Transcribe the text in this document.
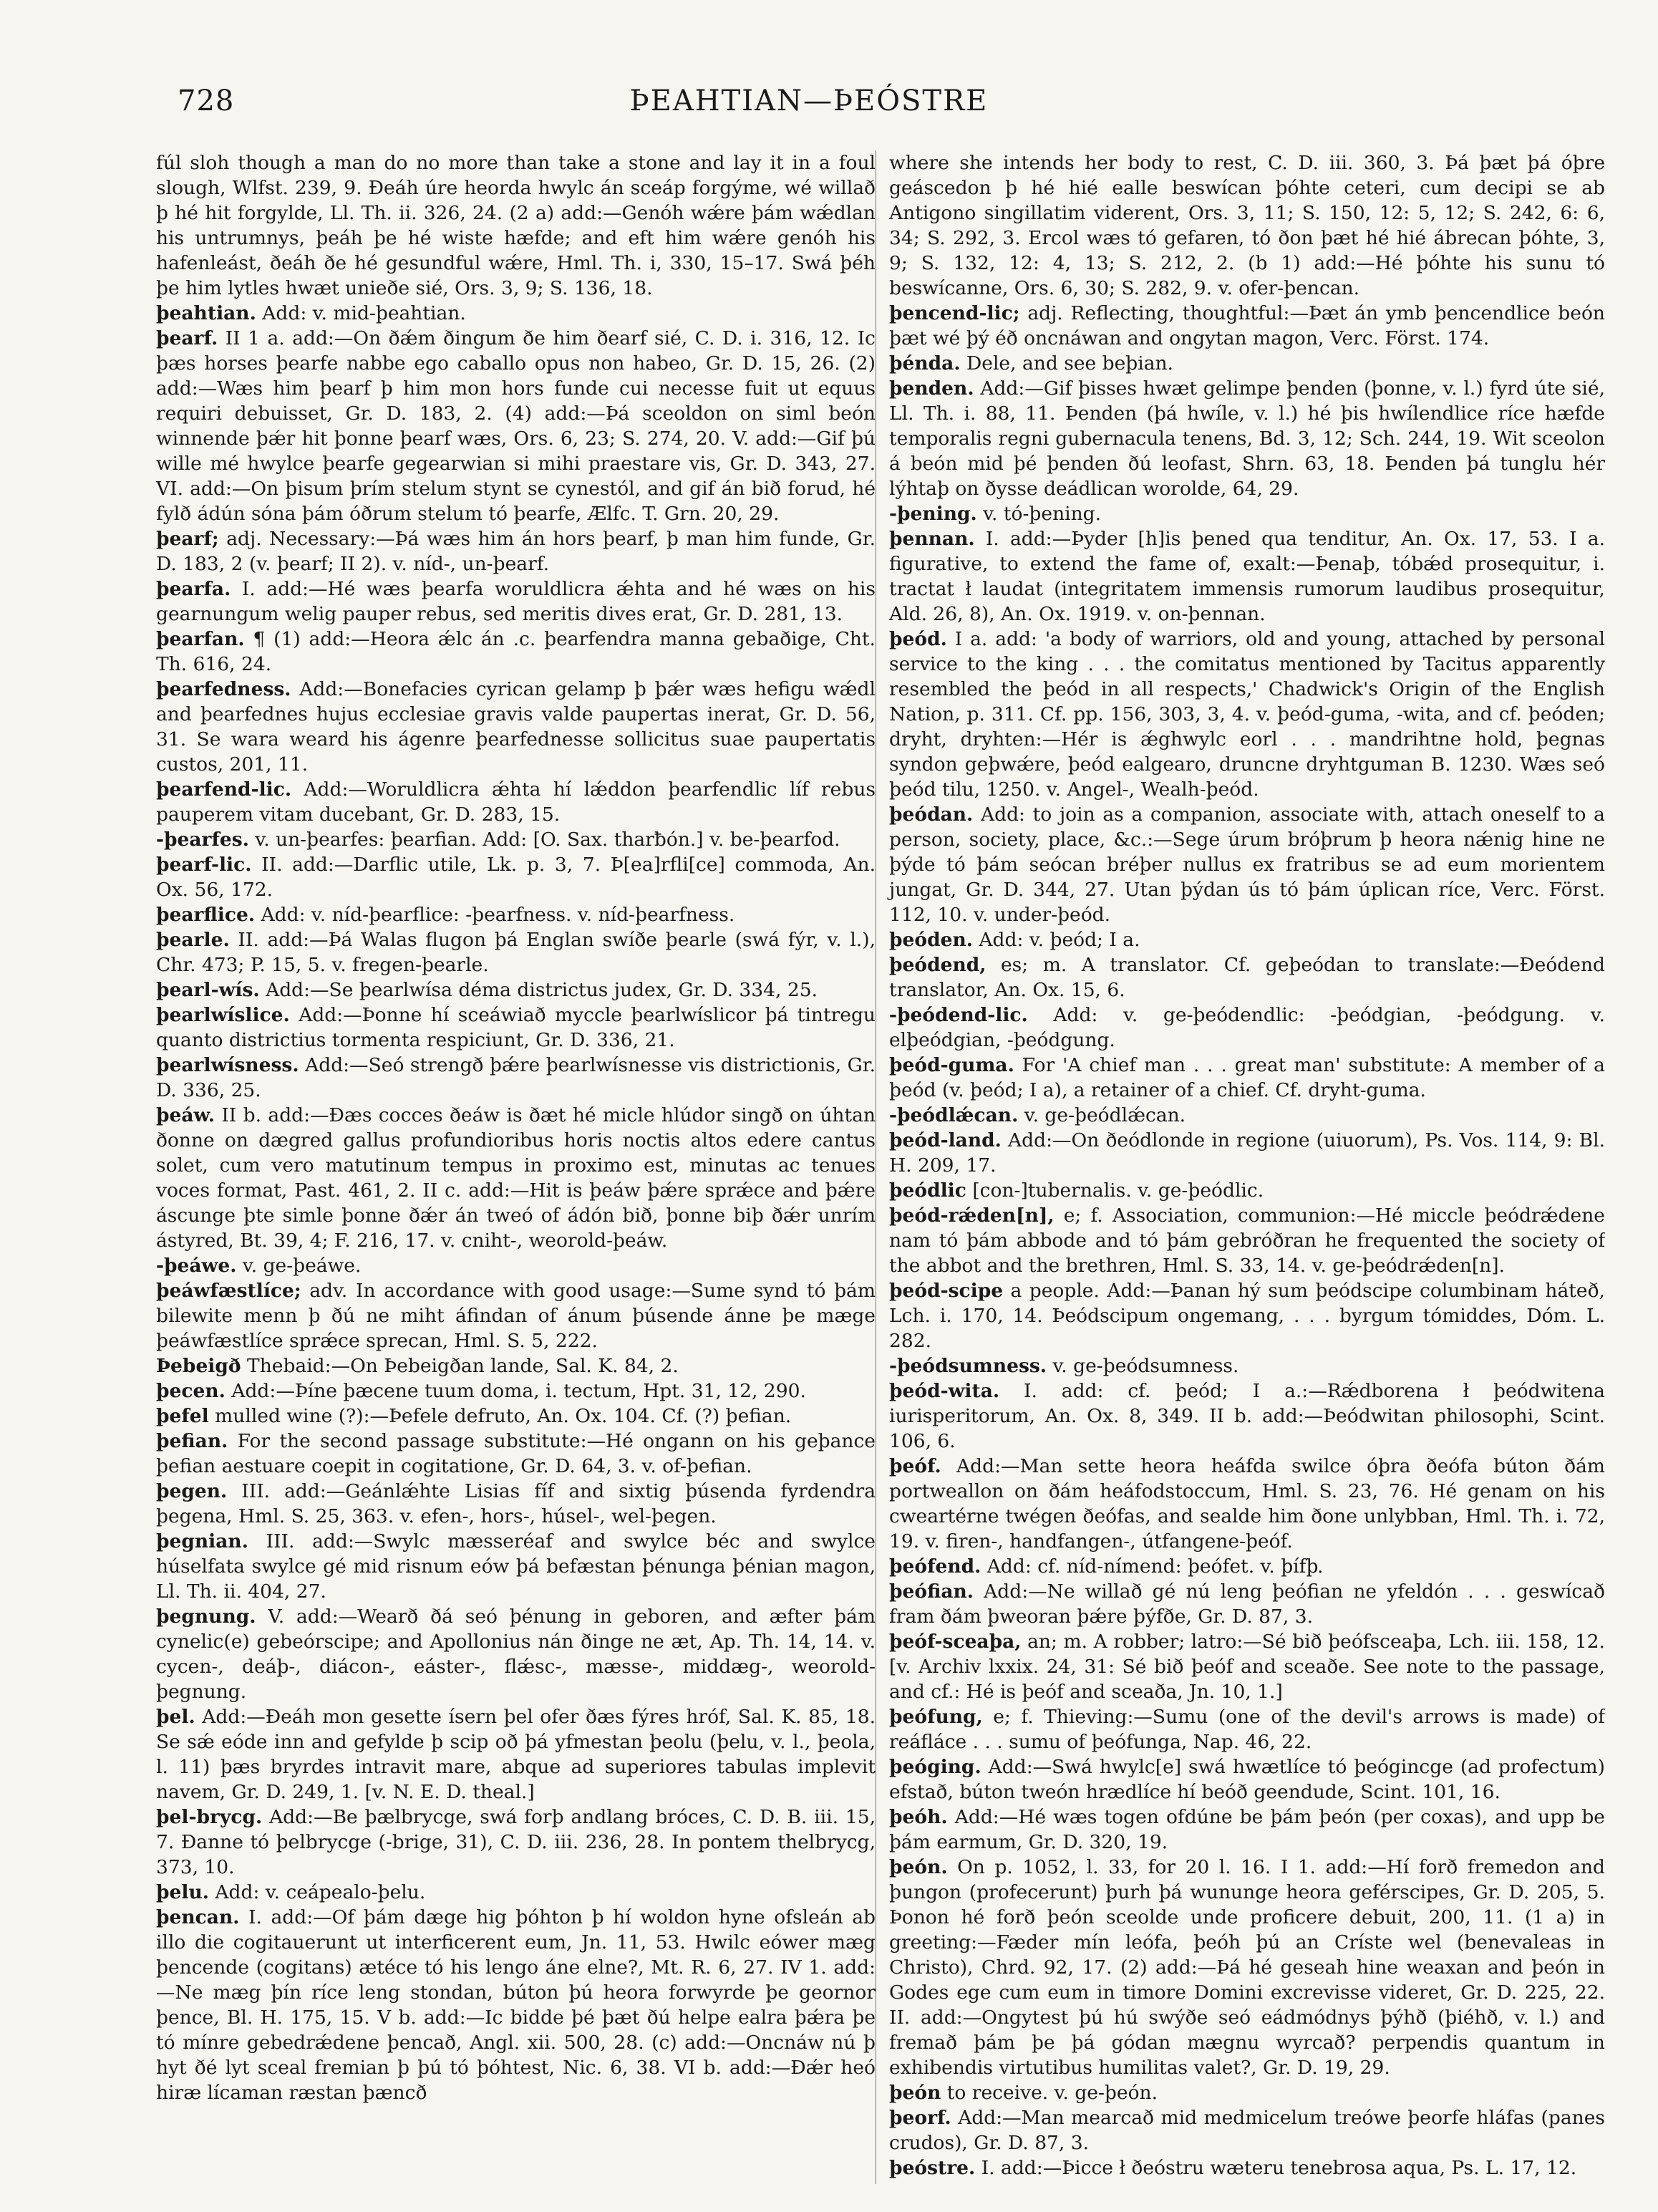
728	ÞEAHTIAN—ÞEÓSTRE

fúl sloh though a man do no more than take a stone and lay it in a foul slough, Wlfst. 239, 9. Ðeáh úre heorda hwylc án sceáp forgýme, wé willað þ hé hit forgylde, Ll. Th. ii. 326, 24. (2 a) add:—Genóh wǽre þám wǽdlan his untrumnys, þeáh þe hé wiste hæfde; and eft him wǽre genóh his hafenleást, ðeáh ðe hé gesundful wǽre, Hml. Th. i, 330, 15–17. Swá þéh þe him lytles hwæt unieðe sié, Ors. 3, 9; S. 136, 18.

þeahtian. Add: v. mid-þeahtian.

þearf. II 1 a. add:—On ðǽm ðingum ðe him ðearf sié, C. D. i. 316, 12. Ic þæs horses þearfe nabbe ego caballo opus non habeo, Gr. D. 15, 26. (2) add:—Wæs him þearf þ him mon hors funde cui necesse fuit ut equus requiri debuisset, Gr. D. 183, 2. (4) add:—Þá sceoldon on siml beón winnende þǽr hit þonne þearf wæs, Ors. 6, 23; S. 274, 20. V. add:—Gif þú wille mé hwylce þearfe gegearwian si mihi praestare vis, Gr. D. 343, 27. VI. add:—On þisum þrím stelum stynt se cynestól, and gif án bið forud, hé fylð ádún sóna þám óðrum stelum tó þearfe, Ælfc. T. Grn. 20, 29.

þearf; adj. Necessary:—Þá wæs him án hors þearf, þ man him funde, Gr. D. 183, 2 (v. þearf; II 2). v. níd-, un-þearf.

þearfa. I. add:—Hé wæs þearfa woruldlicra ǽhta and hé wæs on his gearnungum welig pauper rebus, sed meritis dives erat, Gr. D. 281, 13.

þearfan. ¶ (1) add:—Heora ǽlc án .c. þearfendra manna gebaðige, Cht. Th. 616, 24.

þearfedness. Add:—Bonefacies cyrican gelamp þ þǽr wæs hefigu wǽdl and þearfednes hujus ecclesiae gravis valde paupertas inerat, Gr. D. 56, 31. Se wara weard his ágenre þearfednesse sollicitus suae paupertatis custos, 201, 11.

þearfend-lic. Add:—Woruldlicra ǽhta hí lǽddon þearfendlic líf rebus pauperem vitam ducebant, Gr. D. 283, 15.

-þearfes. v. un-þearfes: þearfian. Add: [O. Sax. tharƀón.] v. be-þearfod.

þearf-lic. II. add:—Darflic utile, Lk. p. 3, 7. Þ[ea]rfli[ce] commoda, An. Ox. 56, 172.

þearflice. Add: v. níd-þearflice: -þearfness. v. níd-þearfness.

þearle. II. add:—Þá Walas flugon þá Englan swíðe þearle (swá fýr, v. l.), Chr. 473; P. 15, 5. v. fregen-þearle.

þearl-wís. Add:—Se þearlwísa déma districtus judex, Gr. D. 334, 25.

þearlwíslice. Add:—Þonne hí sceáwiað myccle þearlwíslicor þá tintregu quanto districtius tormenta respiciunt, Gr. D. 336, 21.

þearlwísness. Add:—Seó strengð þǽre þearlwísnesse vis districtionis, Gr. D. 336, 25.

þeáw. II b. add:—Ðæs cocces ðeáw is ðæt hé micle hlúdor singð on úhtan ðonne on dægred gallus profundioribus horis noctis altos edere cantus solet, cum vero matutinum tempus in proximo est, minutas ac tenues voces format, Past. 461, 2. II c. add:—Hit is þeáw þǽre sprǽce and þǽre áscunge þte simle þonne ðǽr án tweó of ádón bið, þonne biþ ðǽr unrím ástyred, Bt. 39, 4; F. 216, 17. v. cniht-, weorold-þeáw.

-þeáwe. v. ge-þeáwe.

þeáwfæstlíce; adv. In accordance with good usage:—Sume synd tó þám bilewite menn þ ðú ne miht áfindan of ánum þúsende ánne þe mæge þeáwfæstlíce sprǽce sprecan, Hml. S. 5, 222.

Þebeigð Thebaid:—On Þebeigðan lande, Sal. K. 84, 2.

þecen. Add:—Þíne þæcene tuum doma, i. tectum, Hpt. 31, 12, 290.

þefel mulled wine (?):—Þefele defruto, An. Ox. 104. Cf. (?) þefian.

þefian. For the second passage substitute:—Hé ongann on his geþance þefian aestuare coepit in cogitatione, Gr. D. 64, 3. v. of-þefian.

þegen. III. add:—Geánlǽhte Lisias fíf and sixtig þúsenda fyrdendra þegena, Hml. S. 25, 363. v. efen-, hors-, húsel-, wel-þegen.

þegnian. III. add:—Swylc mæsseréaf and swylce béc and swylce húselfata swylce gé mid risnum eów þá befæstan þénunga þénian magon, Ll. Th. ii. 404, 27.

þegnung. V. add:—Wearð ðá seó þénung in geboren, and æfter þám cynelic(e) gebeórscipe; and Apollonius nán ðinge ne æt, Ap. Th. 14, 14. v. cycen-, deáþ-, diácon-, eáster-, flǽsc-, mæsse-, middæg-, weorold-þegnung.

þel. Add:—Ðeáh mon gesette ísern þel ofer ðæs fýres hróf, Sal. K. 85, 18. Se sǽ eóde inn and gefylde þ scip oð þá yfmestan þeolu (þelu, v. l., þeola, l. 11) þæs bryrdes intravit mare, abque ad superiores tabulas implevit navem, Gr. D. 249, 1. [v. N. E. D. theal.]

þel-brycg. Add:—Be þælbrycge, swá forþ andlang bróces, C. D. B. iii. 15, 7. Ðanne tó þelbrycge (-brige, 31), C. D. iii. 236, 28. In pontem thelbrycg, 373, 10.

þelu. Add: v. ceápealo-þelu.

þencan. I. add:—Of þám dæge hig þóhton þ hí woldon hyne ofsleán ab illo die cogitauerunt ut interficerent eum, Jn. 11, 53. Hwilc eówer mæg þencende (cogitans) ætéce tó his lengo áne elne?, Mt. R. 6, 27. IV 1. add:—Ne mæg þín ríce leng stondan, búton þú heora forwyrde þe geornor þence, Bl. H. 175, 15. V b. add:—Ic bidde þé þæt ðú helpe ealra þǽra þe tó mínre gebedrǽdene þencað, Angl. xii. 500, 28. (c) add:—Oncnáw nú þ hyt ðé lyt sceal fremian þ þú tó þóhtest, Nic. 6, 38. VI b. add:—Ðǽr heó hiræ lícaman ræstan þæncð

where she intends her body to rest, C. D. iii. 360, 3. Þá þæt þá óþre geáscedon þ hé hié ealle beswícan þóhte ceteri, cum decipi se ab Antigono singillatim viderent, Ors. 3, 11; S. 150, 12: 5, 12; S. 242, 6: 6, 34; S. 292, 3. Ercol wæs tó gefaren, tó ðon þæt hé hié ábrecan þóhte, 3, 9; S. 132, 12: 4, 13; S. 212, 2. (b 1) add:—Hé þóhte his sunu tó beswícanne, Ors. 6, 30; S. 282, 9. v. ofer-þencan.

þencend-lic; adj. Reflecting, thoughtful:—Þæt án ymb þencendlice beón þæt wé þý éð oncnáwan and ongytan magon, Verc. Först. 174.

þénda. Dele, and see beþian.

þenden. Add:—Gif þisses hwæt gelimpe þenden (þonne, v. l.) fyrd úte sié, Ll. Th. i. 88, 11. Þenden (þá hwíle, v. l.) hé þis hwílendlice ríce hæfde temporalis regni gubernacula tenens, Bd. 3, 12; Sch. 244, 19. Wit sceolon á beón mid þé þenden ðú leofast, Shrn. 63, 18. Þenden þá tunglu hér lýhtaþ on ðysse deádlican worolde, 64, 29.

-þening. v. tó-þening.

þennan. I. add:—Þyder [h]is þened qua tenditur, An. Ox. 17, 53. I a. figurative, to extend the fame of, exalt:—Þenaþ, tóbǽd prosequitur, i. tractat ł laudat (integritatem immensis rumorum laudibus prosequitur, Ald. 26, 8), An. Ox. 1919. v. on-þennan.

þeód. I a. add: 'a body of warriors, old and young, attached by personal service to the king . . . the comitatus mentioned by Tacitus apparently resembled the þeód in all respects,' Chadwick's Origin of the English Nation, p. 311. Cf. pp. 156, 303, 3, 4. v. þeód-guma, -wita, and cf. þeóden; dryht, dryhten:—Hér is ǽghwylc eorl . . . mandrihtne hold, þegnas syndon geþwǽre, þeód ealgearo, druncne dryhtguman B. 1230. Wæs seó þeód tilu, 1250. v. Angel-, Wealh-þeód.

þeódan. Add: to join as a companion, associate with, attach oneself to a person, society, place, &c.:—Sege úrum bróþrum þ heora nǽnig hine ne þýde tó þám seócan bréþer nullus ex fratribus se ad eum morientem jungat, Gr. D. 344, 27. Utan þýdan ús tó þám úplican ríce, Verc. Först. 112, 10. v. under-þeód.

þeóden. Add: v. þeód; I a.

þeódend, es; m. A translator. Cf. geþeódan to translate:—Ðeódend translator, An. Ox. 15, 6.

-þeódend-lic. Add: v. ge-þeódendlic: -þeódgian, -þeódgung. v. elþeódgian, -þeódgung.

þeód-guma. For 'A chief man . . . great man' substitute: A member of a þeód (v. þeód; I a), a retainer of a chief. Cf. dryht-guma.

-þeódlǽcan. v. ge-þeódlǽcan.

þeód-land. Add:—On ðeódlonde in regione (uiuorum), Ps. Vos. 114, 9: Bl. H. 209, 17.

þeódlic [con-]tubernalis. v. ge-þeódlic.

þeód-rǽden[n], e; f. Association, communion:—Hé miccle þeódrǽdene nam tó þám abbode and tó þám gebróðran he frequented the society of the abbot and the brethren, Hml. S. 33, 14. v. ge-þeódrǽden[n].

þeód-scipe a people. Add:—Þanan hý sum þeódscipe columbinam háteð, Lch. i. 170, 14. Þeódscipum ongemang, . . . byrgum tómiddes, Dóm. L. 282.

-þeódsumness. v. ge-þeódsumness.

þeód-wita. I. add: cf. þeód; I a.:—Rǽdborena ł þeódwitena iurisperitorum, An. Ox. 8, 349. II b. add:—Þeódwitan philosophi, Scint. 106, 6.

þeóf. Add:—Man sette heora heáfda swilce óþra ðeófa búton ðám portweallon on ðám heáfodstoccum, Hml. S. 23, 76. Hé genam on his cweartérne twégen ðeófas, and sealde him ðone unlybban, Hml. Th. i. 72, 19. v. firen-, handfangen-, útfangene-þeóf.

þeófend. Add: cf. níd-nímend: þeófet. v. þífþ.

þeófian. Add:—Ne willað gé nú leng þeófian ne yfeldón . . . geswícað fram ðám þweoran þǽre þýfðe, Gr. D. 87, 3.

þeóf-sceaþa, an; m. A robber; latro:—Sé bið þeófsceaþa, Lch. iii. 158, 12. [v. Archiv lxxix. 24, 31: Sé bið þeóf and sceaðe. See note to the passage, and cf.: Hé is þeóf and sceaða, Jn. 10, 1.]

þeófung, e; f. Thieving:—Sumu (one of the devil's arrows is made) of reáfláce . . . sumu of þeófunga, Nap. 46, 22.

þeóging. Add:—Swá hwylc[e] swá hwætlíce tó þeógincge (ad profectum) efstað, búton tweón hrædlíce hí beóð geendude, Scint. 101, 16.

þeóh. Add:—Hé wæs togen ofdúne be þám þeón (per coxas), and upp be þám earmum, Gr. D. 320, 19.

þeón. On p. 1052, l. 33, for 20 l. 16. I 1. add:—Hí forð fremedon and þungon (profecerunt) þurh þá wununge heora geférscipes, Gr. D. 205, 5. Þonon hé forð þeón sceolde unde proficere debuit, 200, 11. (1 a) in greeting:—Fæder mín leófa, þeóh þú an Críste wel (benevaleas in Christo), Chrd. 92, 17. (2) add:—Þá hé geseah hine weaxan and þeón in Godes ege cum eum in timore Domini excrevisse videret, Gr. D. 225, 22. II. add:—Ongytest þú hú swýðe seó eádmódnys þýhð (þiéhð, v. l.) and fremað þám þe þá gódan mægnu wyrcað? perpendis quantum in exhibendis virtutibus humilitas valet?, Gr. D. 19, 29.

þeón to receive. v. ge-þeón.

þeorf. Add:—Man mearcað mid medmicelum treówe þeorfe hláfas (panes crudos), Gr. D. 87, 3.

þeóstre. I. add:—Þicce ł ðeóstru wæteru tenebrosa aqua, Ps. L. 17, 12.
